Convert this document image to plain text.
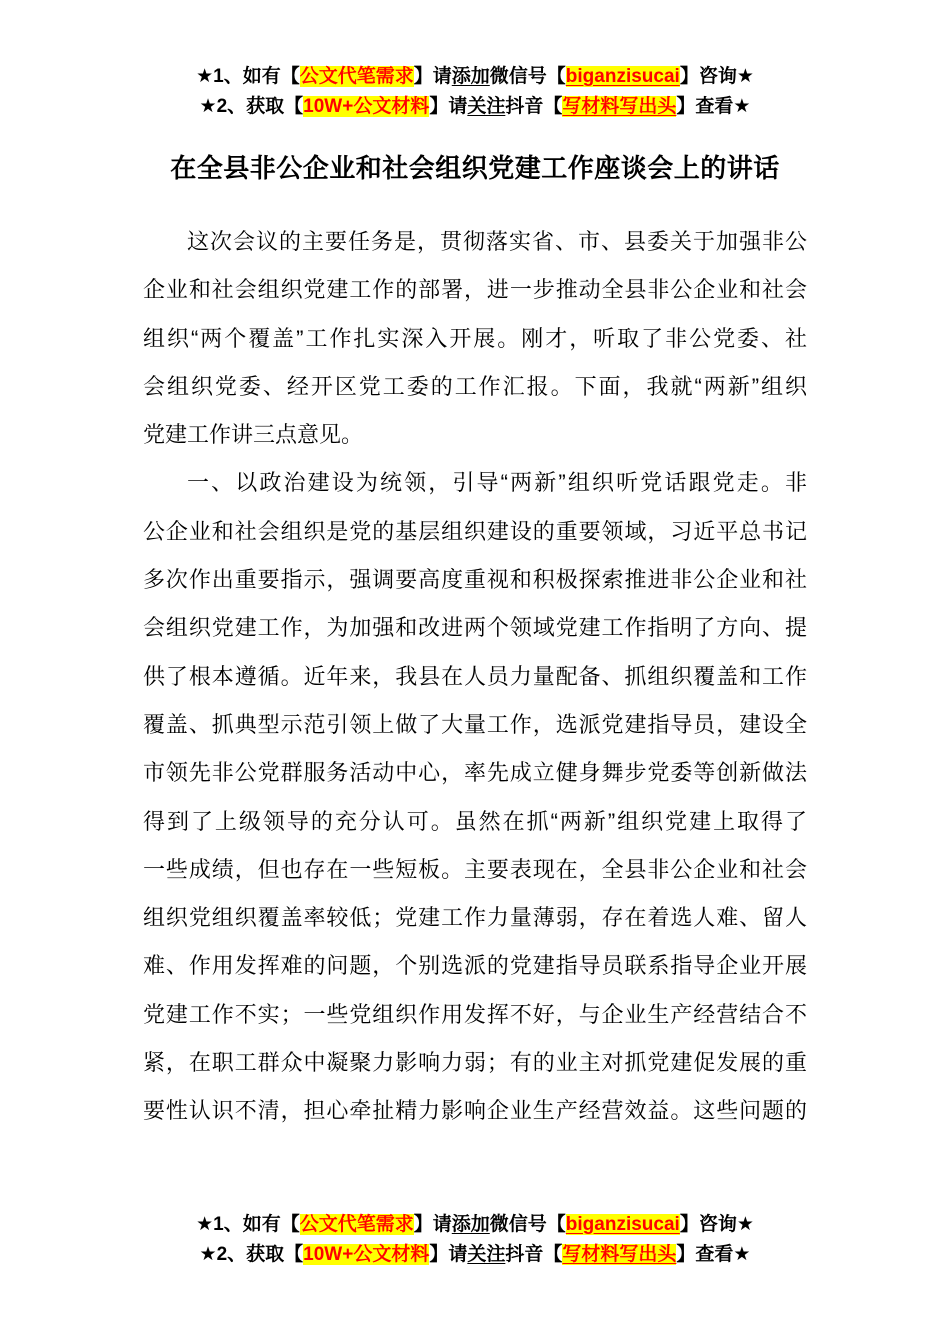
★1、如有【公文代笔需求】请添加微信号【biganzisucai】咨询★
★2、获取【10W+公文材料】请关注抖音【写材料写出头】查看★
在全县非公企业和社会组织党建工作座谈会上的讲话
这次会议的主要任务是，贯彻落实省、市、县委关于加强非公
企业和社会组织党建工作的部署，进一步推动全县非公企业和社会
组织“两个覆盖”工作扎实深入开展。刚才，听取了非公党委、社
会组织党委、经开区党工委的工作汇报。下面，我就“两新”组织
党建工作讲三点意见。
一、以政治建设为统领，引导“两新”组织听党话跟党走。非
公企业和社会组织是党的基层组织建设的重要领域，习近平总书记
多次作出重要指示，强调要高度重视和积极探索推进非公企业和社
会组织党建工作，为加强和改进两个领域党建工作指明了方向、提
供了根本遵循。近年来，我县在人员力量配备、抓组织覆盖和工作
覆盖、抓典型示范引领上做了大量工作，选派党建指导员，建设全
市领先非公党群服务活动中心，率先成立健身舞步党委等创新做法
得到了上级领导的充分认可。虽然在抓“两新”组织党建上取得了
一些成绩，但也存在一些短板。主要表现在，全县非公企业和社会
组织党组织覆盖率较低；党建工作力量薄弱，存在着选人难、留人
难、作用发挥难的问题，个别选派的党建指导员联系指导企业开展
党建工作不实；一些党组织作用发挥不好，与企业生产经营结合不
紧，在职工群众中凝聚力影响力弱；有的业主对抓党建促发展的重
要性认识不清，担心牵扯精力影响企业生产经营效益。这些问题的
★1、如有【公文代笔需求】请添加微信号【biganzisucai】咨询★
★2、获取【10W+公文材料】请关注抖音【写材料写出头】查看★
